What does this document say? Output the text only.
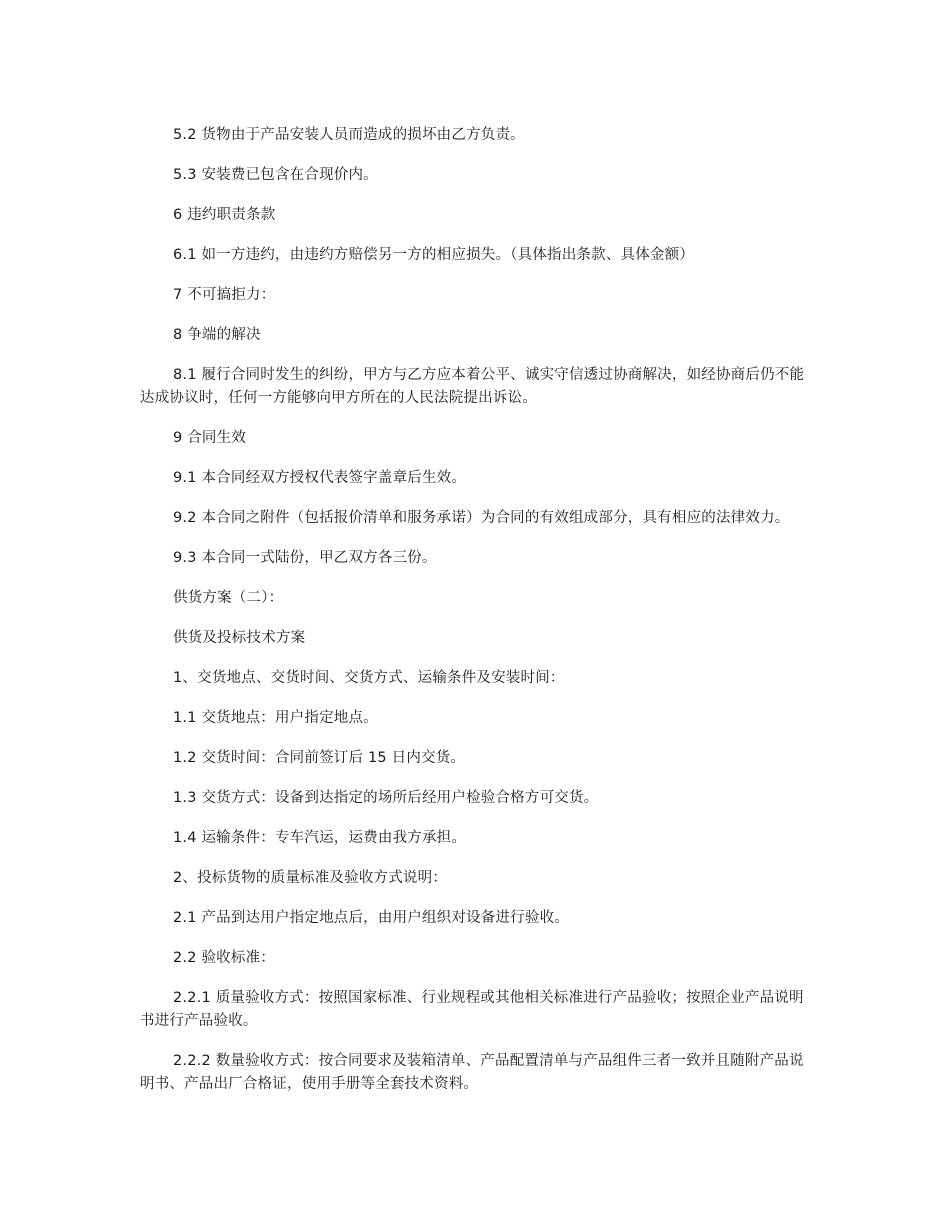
5.2 货物由于产品安装人员而造成的损坏由乙方负责。

5.3 安装费已包含在合现价内。

6 违约职责条款

6.1 如一方违约，由违约方赔偿另一方的相应损失。（具体指出条款、具体金额）

7 不可搞拒力：

8 争端的解决

8.1 履行合同时发生的纠纷，甲方与乙方应本着公平、诚实守信透过协商解决，如经协商后仍不能达成协议时，任何一方能够向甲方所在的人民法院提出诉讼。

9 合同生效

9.1 本合同经双方授权代表签字盖章后生效。

9.2 本合同之附件（包括报价清单和服务承诺）为合同的有效组成部分，具有相应的法律效力。

9.3 本合同一式陆份，甲乙双方各三份。

供货方案（二）：

供货及投标技术方案

1、交货地点、交货时间、交货方式、运输条件及安装时间：

1.1 交货地点：用户指定地点。

1.2 交货时间：合同前签订后 15 日内交货。

1.3 交货方式：设备到达指定的场所后经用户检验合格方可交货。

1.4 运输条件：专车汽运，运费由我方承担。

2、投标货物的质量标准及验收方式说明：

2.1 产品到达用户指定地点后，由用户组织对设备进行验收。

2.2 验收标准：

2.2.1 质量验收方式：按照国家标准、行业规程或其他相关标准进行产品验收；按照企业产品说明书进行产品验收。

2.2.2 数量验收方式：按合同要求及装箱清单、产品配置清单与产品组件三者一致并且随附产品说明书、产品出厂合格证，使用手册等全套技术资料。
